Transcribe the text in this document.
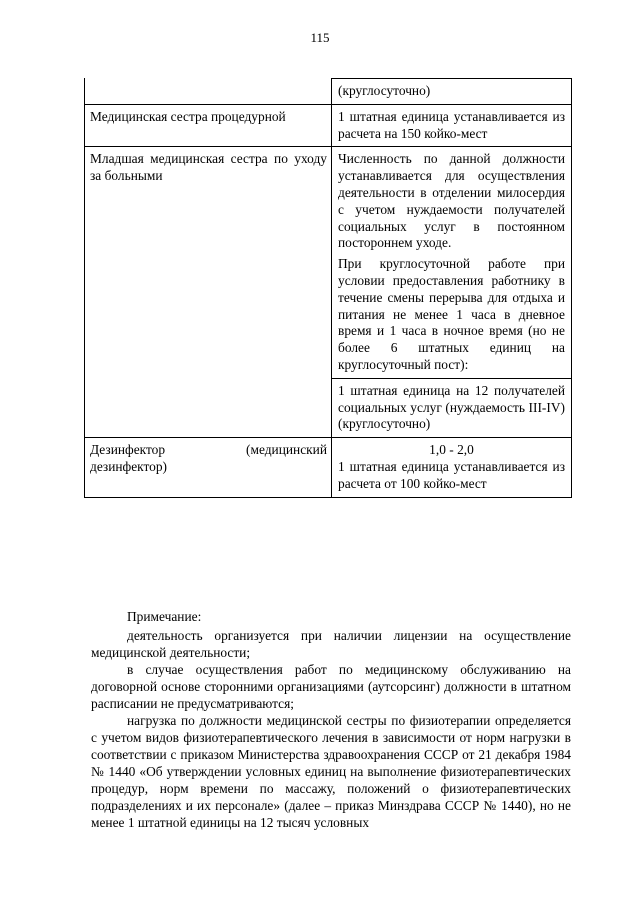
115

(круглосуточно)
Медицинская сестра процедурной	1 штатная единица устанавливается из расчета на 150 койко-мест
Младшая медицинская сестра по уходу за больными
Численность по данной должности устанавливается для осуществления деятельности в отделении милосердия с учетом нуждаемости получателей социальных услуг в постоянном постороннем уходе.
При круглосуточной работе при условии предоставления работнику в течение смены перерыва для отдыха и питания не менее 1 часа в дневное время и 1 часа в ночное время (но не более 6 штатных единиц на круглосуточный пост):
1 штатная единица на 12 получателей социальных услуг (нуждаемость III-IV) (круглосуточно)
Дезинфектор (медицинский дезинфектор)
1,0 - 2,0
1 штатная единица устанавливается из расчета от 100 койко-мест

Примечание:

деятельность организуется при наличии лицензии на осуществление медицинской деятельности;

в случае осуществления работ по медицинскому обслуживанию на договорной основе сторонними организациями (аутсорсинг) должности в штатном расписании не предусматриваются;

нагрузка по должности медицинской сестры по физиотерапии определяется с учетом видов физиотерапевтического лечения в зависимости от норм нагрузки в соответствии с приказом Министерства здравоохранения СССР от 21 декабря 1984 № 1440 «Об утверждении условных единиц на выполнение физиотерапевтических процедур, норм времени по массажу, положений о физиотерапевтических подразделениях и их персонале» (далее – приказ Минздрава СССР № 1440), но не менее 1 штатной единицы на 12 тысяч условных
